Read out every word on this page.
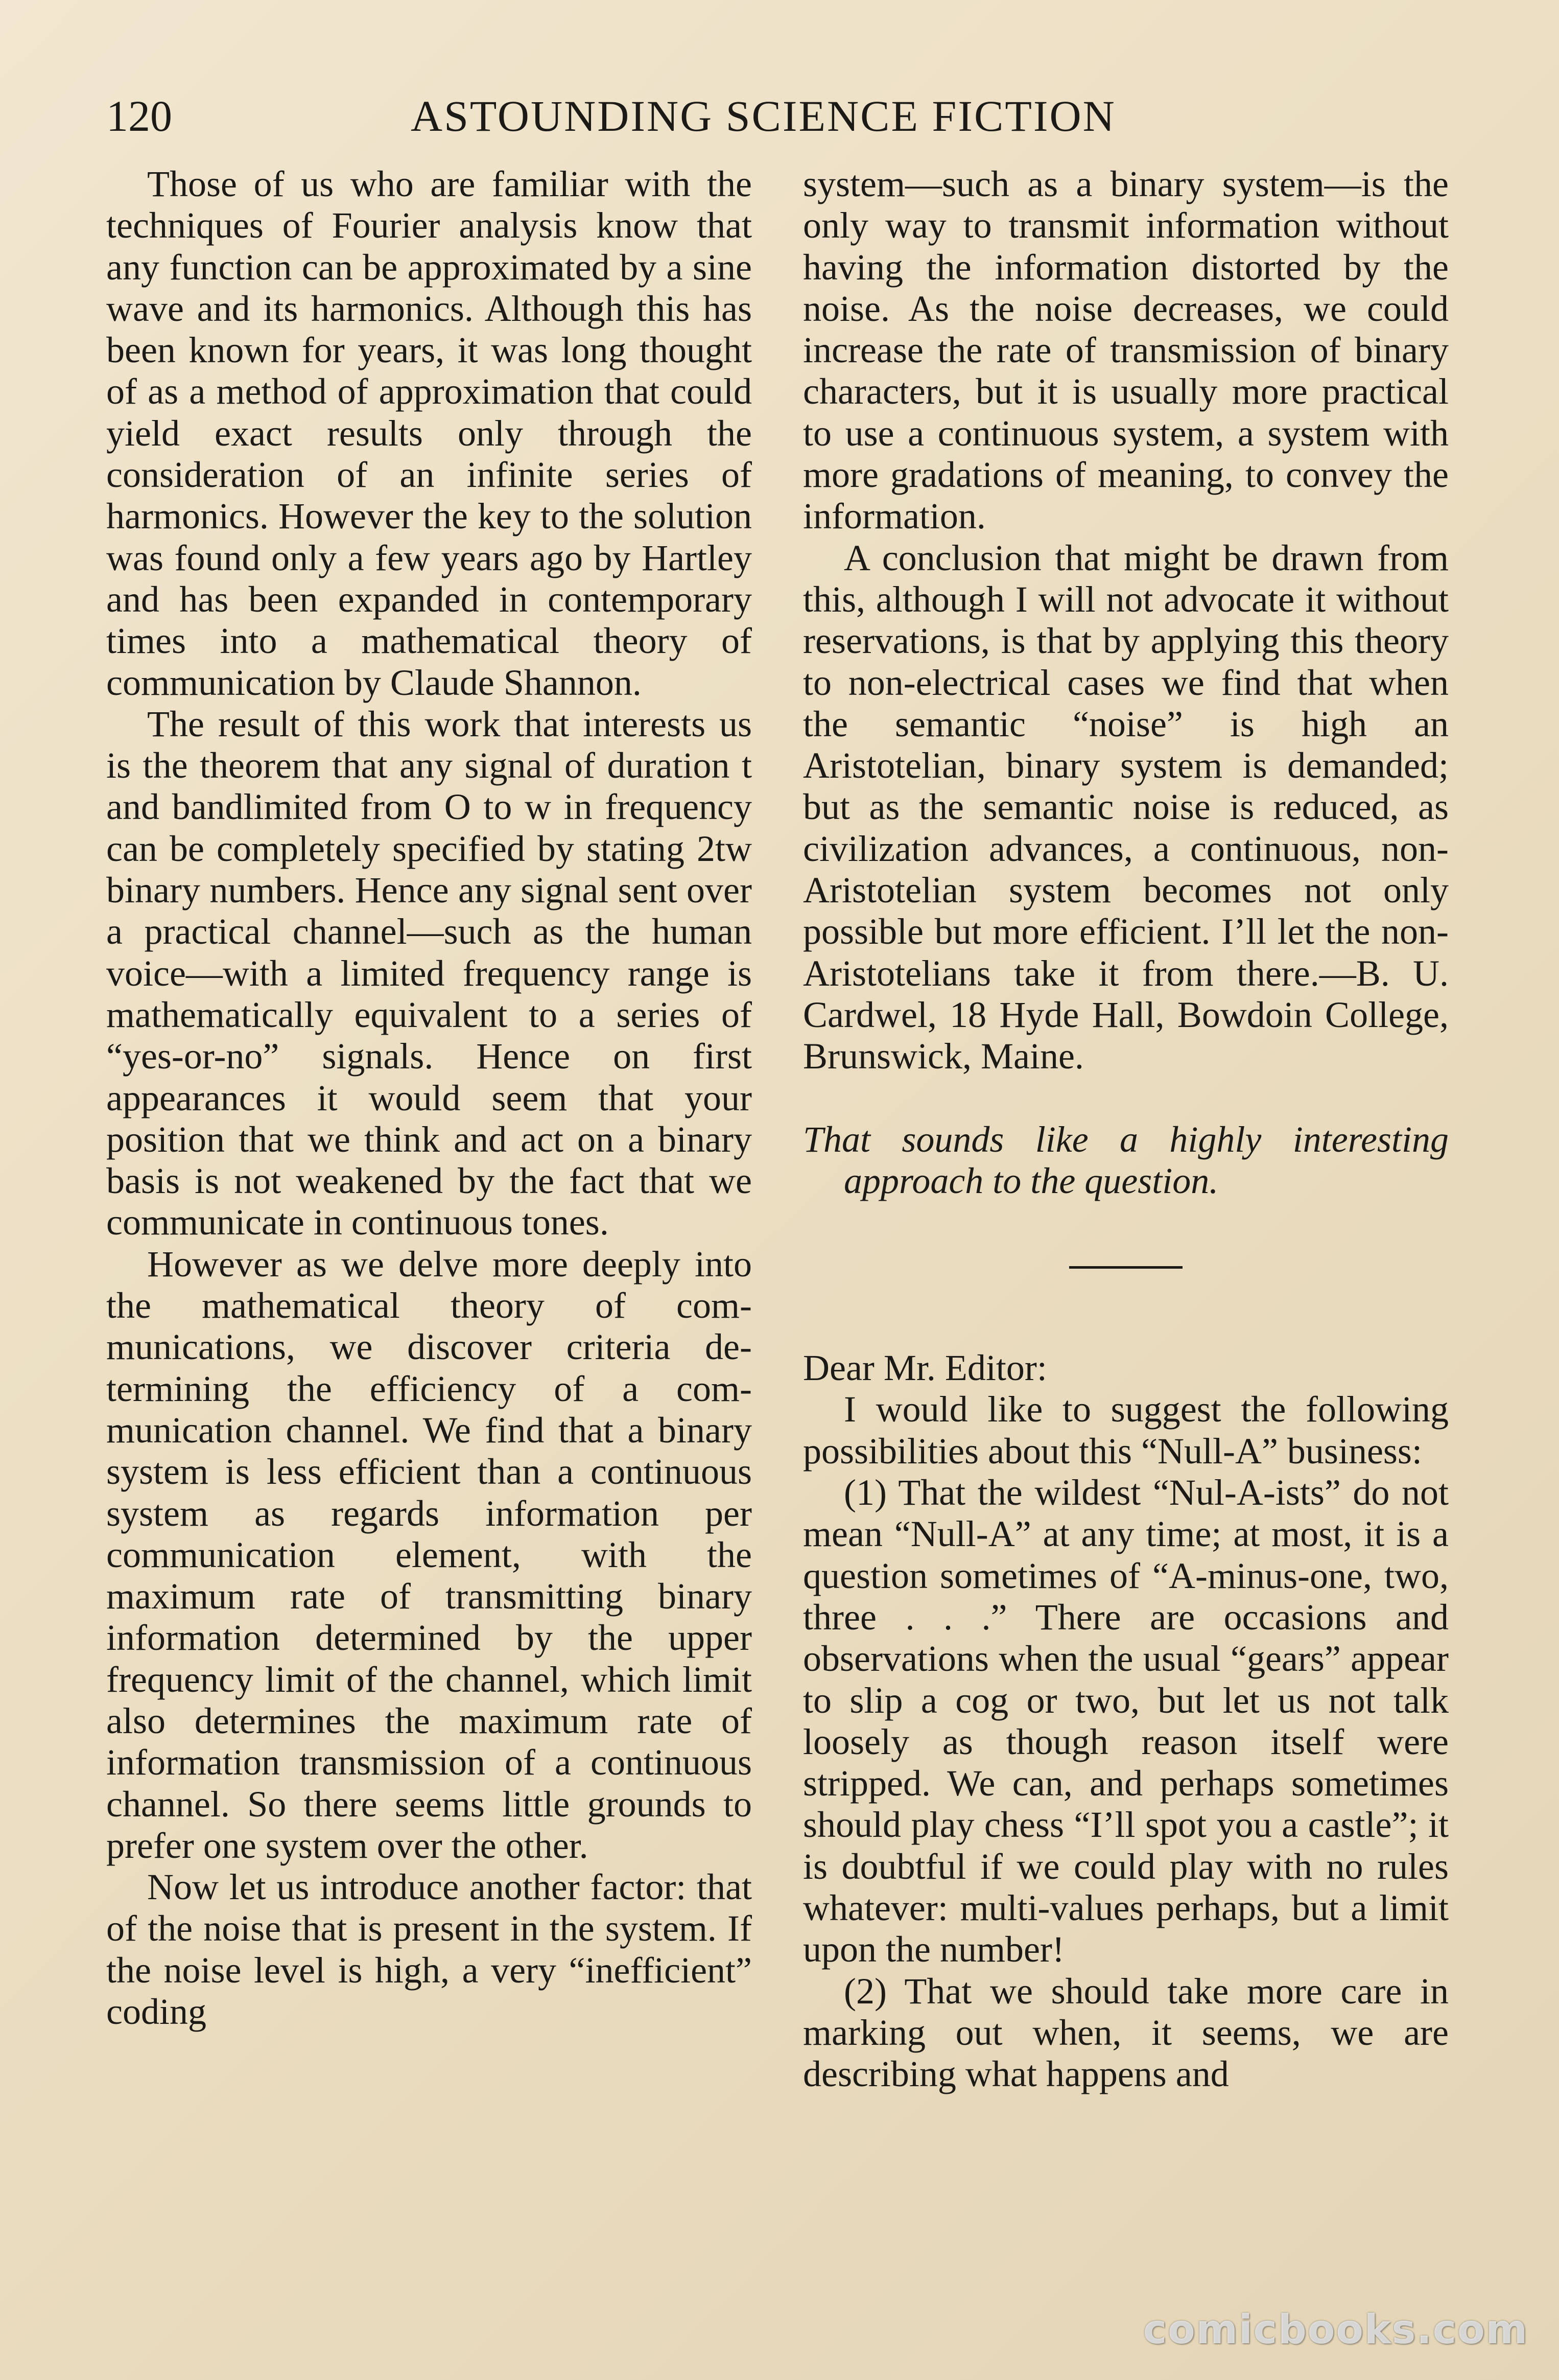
120	ASTOUNDING SCIENCE FICTION

Those of us who are familiar with the techniques of Fourier analysis know that any function can be approximated by a sine wave and its harmonics. Although this has been known for years, it was long thought of as a method of approximation that could yield exact results only through the consideration of an infinite series of harmonics. However the key to the solution was found only a few years ago by Hartley and has been expanded in contemporary times into a mathematical theory of communication by Claude Shannon.

The result of this work that interests us is the theorem that any signal of duration t and bandlimited from O to w in frequency can be completely specified by stating 2tw binary numbers. Hence any signal sent over a practical channel—such as the human voice—with a limited frequency range is mathematically equivalent to a series of “yes-or-no” signals. Hence on first appearances it would seem that your position that we think and act on a binary basis is not weakened by the fact that we communicate in continuous tones.

However as we delve more deeply into the mathematical theory of communications, we discover criteria determining the efficiency of a communication channel. We find that a binary system is less efficient than a continuous system as regards information per communication element, with the maximum rate of transmitting binary information determined by the upper frequency limit of the channel, which limit also determines the maximum rate of information transmission of a continuous channel. So there seems little grounds to prefer one system over the other.

Now let us introduce another factor: that of the noise that is present in the system. If the noise level is high, a very “inefficient” coding

system—such as a binary system—is the only way to transmit information without having the information distorted by the noise. As the noise decreases, we could increase the rate of transmission of binary characters, but it is usually more practical to use a continuous system, a system with more gradations of meaning, to convey the information.

A conclusion that might be drawn from this, although I will not advocate it without reservations, is that by applying this theory to non-electrical cases we find that when the semantic “noise” is high an Aristotelian, binary system is demanded; but as the semantic noise is reduced, as civilization advances, a continuous, non-Aristotelian system becomes not only possible but more efficient. I’ll let the non-Aristotelians take it from there.—B. U. Cardwel, 18 Hyde Hall, Bowdoin College, Brunswick, Maine.

That sounds like a highly interesting approach to the question.

Dear Mr. Editor:

I would like to suggest the following possibilities about this “Null-A” business:

(1) That the wildest “Nul-A-ists” do not mean “Null-A” at any time; at most, it is a question sometimes of “A-minus-one, two, three . . .” There are occasions and observations when the usual “gears” appear to slip a cog or two, but let us not talk loosely as though reason itself were stripped. We can, and perhaps sometimes should play chess “I’ll spot you a castle”; it is doubtful if we could play with no rules whatever: multi-values perhaps, but a limit upon the number!

(2) That we should take more care in marking out when, it seems, we are describing what happens and

comicbooks.com
